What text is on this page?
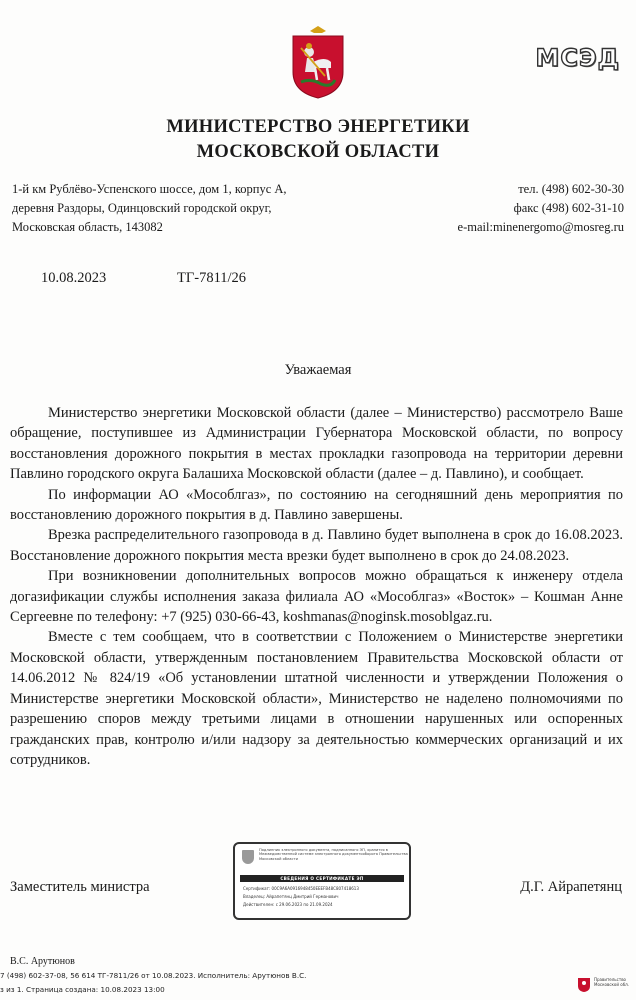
МСЭД
МИНИСТЕРСТВО ЭНЕРГЕТИКИ
МОСКОВСКОЙ ОБЛАСТИ
1-й км Рублёво-Успенского шоссе, дом 1, корпус А,
деревня Раздоры, Одинцовский городской округ,
Московская область, 143082
тел. (498) 602-30-30
факс (498) 602-31-10
e-mail:minenergomo@mosreg.ru
10.08.2023	ТГ-7811/26
Уважаемая

Министерство энергетики Московской области (далее – Министерство) рассмотрело Ваше обращение, поступившее из Администрации Губернатора Московской области, по вопросу восстановления дорожного покрытия в местах прокладки газопровода на территории деревни Павлино городского округа Балашиха Московской области (далее – д. Павлино), и сообщает.

По информации АО «Мособлгаз», по состоянию на сегодняшний день мероприятия по восстановлению дорожного покрытия в д. Павлино завершены.

Врезка распределительного газопровода в д. Павлино будет выполнена в срок до 16.08.2023. Восстановление дорожного покрытия места врезки будет выполнено в срок до 24.08.2023.

При возникновении дополнительных вопросов можно обращаться к инженеру отдела догазификации службы исполнения заказа филиала АО «Мособлгаз» «Восток» – Кошман Анне Сергеевне по телефону: +7 (925) 030-66-43, koshmanas@noginsk.mosoblgaz.ru.

Вместе с тем сообщаем, что в соответствии с Положением о Министерстве энергетики Московской области, утвержденным постановлением Правительства Московской области от 14.06.2012 № 824/19 «Об установлении штатной численности и утверждении Положения о Министерстве энергетики Московской области», Министерство не наделено полномочиями по разрешению споров между третьими лицами в отношении нарушенных или оспоренных гражданских прав, контролю и/или надзору за деятельностью коммерческих организаций и их сотрудников.

Подлинник электронного документа, подписанного ЭП, хранится в Межведомственной системе электронного документооборота Правительства Московской области
СВЕДЕНИЯ О СЕРТИФИКАТЕ ЭП
Сертификат: 00C9A6A0916948450EEEFB48C807418613
Владелец: Айрапетянц Дмитрий Германович
Действителен: с 29.06.2023 по 21.09.2024
Заместитель министра	Д.Г. Айрапетянц
В.С. Арутюнов
7 (498) 602-37-08, 56 614 ТГ-7811/26 от 10.08.2023. Исполнитель: Арутюнов В.С.
з из 1. Страница создана: 10.08.2023 13:00
Правительство Московской обл.
